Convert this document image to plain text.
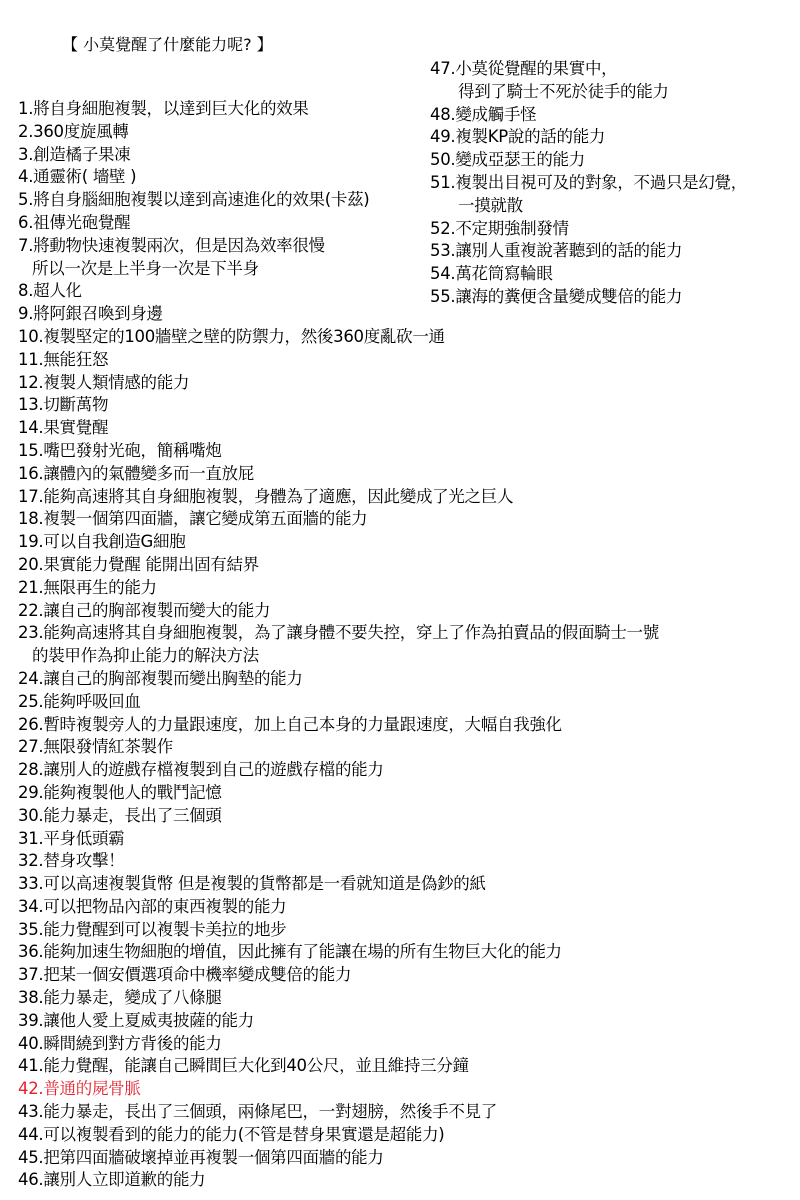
【 小莫覺醒了什麼能力呢? 】
47.小莫從覺醒的果實中，
得到了騎士不死於徒手的能力
48.變成觸手怪
49.複製KP說的話的能力
50.變成亞瑟王的能力
51.複製出目視可及的對象，不過只是幻覺，
一摸就散
52.不定期強制發情
53.讓別人重複說著聽到的話的能力
54.萬花筒寫輪眼
55.讓海的糞便含量變成雙倍的能力
1.將自身細胞複製，以達到巨大化的效果
2.360度旋風轉
3.創造橘子果凍
4.通靈術( 墻壁 )
5.將自身腦細胞複製以達到高速進化的效果(卡茲)
6.祖傳光砲覺醒
7.將動物快速複製兩次，但是因為效率很慢
所以一次是上半身一次是下半身
8.超人化
9.將阿銀召喚到身邊
10.複製堅定的100牆壁之壁的防禦力，然後360度亂砍一通
11.無能狂怒
12.複製人類情感的能力
13.切斷萬物
14.果實覺醒
15.嘴巴發射光砲，簡稱嘴炮
16.讓體內的氣體變多而一直放屁
17.能夠高速將其自身細胞複製，身體為了適應，因此變成了光之巨人
18.複製一個第四面牆，讓它變成第五面牆的能力
19.可以自我創造G細胞
20.果實能力覺醒 能開出固有結界
21.無限再生的能力
22.讓自己的胸部複製而變大的能力
23.能夠高速將其自身細胞複製，為了讓身體不要失控，穿上了作為拍賣品的假面騎士一號
的裝甲作為抑止能力的解決方法
24.讓自己的胸部複製而變出胸墊的能力
25.能夠呼吸回血
26.暫時複製旁人的力量跟速度，加上自己本身的力量跟速度，大幅自我強化
27.無限發情紅茶製作
28.讓別人的遊戲存檔複製到自己的遊戲存檔的能力
29.能夠複製他人的戰鬥記憶
30.能力暴走，長出了三個頭
31.平身低頭霸
32.替身攻擊！
33.可以高速複製貨幣 但是複製的貨幣都是一看就知道是偽鈔的紙
34.可以把物品內部的東西複製的能力
35.能力覺醒到可以複製卡美拉的地步
36.能夠加速生物細胞的增值，因此擁有了能讓在場的所有生物巨大化的能力
37.把某一個安價選項命中機率變成雙倍的能力
38.能力暴走，變成了八條腿
39.讓他人愛上夏威夷披薩的能力
40.瞬間繞到對方背後的能力
41.能力覺醒，能讓自己瞬間巨大化到40公尺，並且維持三分鐘
42.普通的屍骨脈
43.能力暴走，長出了三個頭，兩條尾巴，一對翅膀，然後手不見了
44.可以複製看到的能力的能力(不管是替身果實還是超能力)
45.把第四面牆破壞掉並再複製一個第四面牆的能力
46.讓別人立即道歉的能力
